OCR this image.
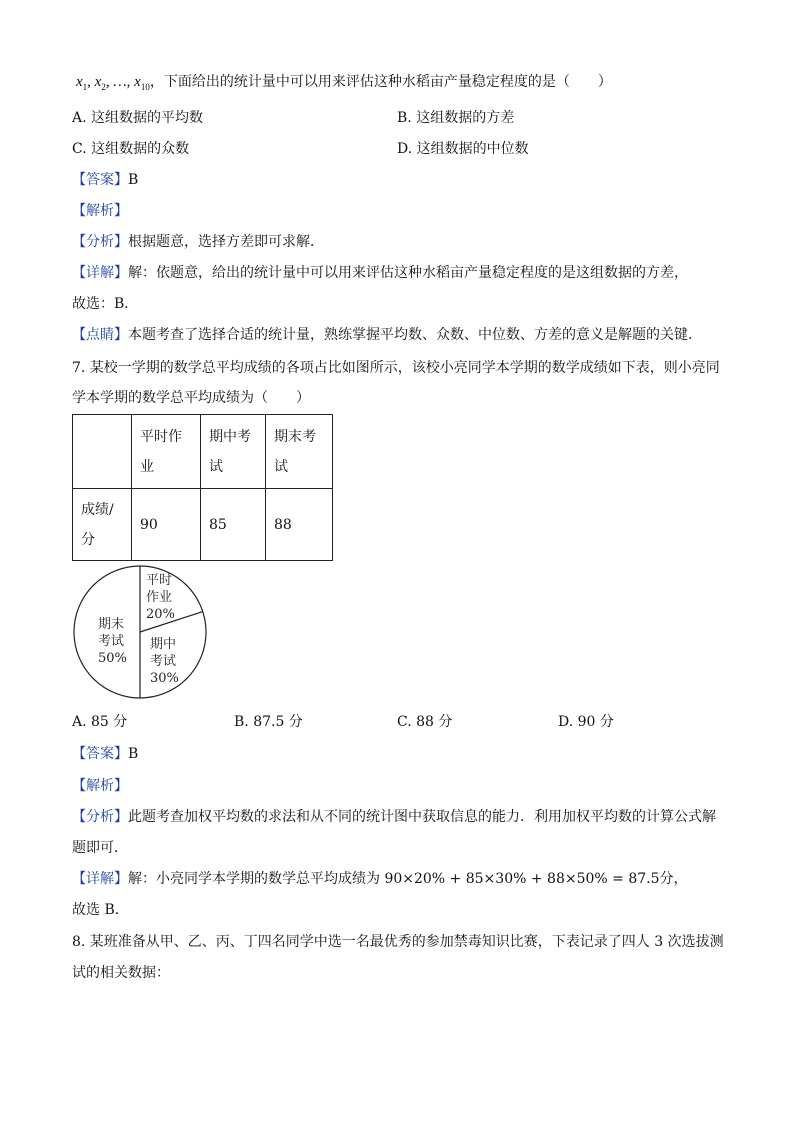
$x_1$, $x_2$, …, $x_{10}$，下面给出的统计量中可以用来评估这种水稻亩产量稳定程度的是（　　）
A. 这组数据的平均数	B. 这组数据的方差
C. 这组数据的众数	D. 这组数据的中位数
【答案】B
【解析】
【分析】根据题意，选择方差即可求解．
【详解】解：依题意，给出的统计量中可以用来评估这种水稻亩产量稳定程度的是这组数据的方差，
故选：B．
【点睛】本题考查了选择合适的统计量，熟练掌握平均数、众数、中位数、方差的意义是解题的关键．
7. 某校一学期的数学总平均成绩的各项占比如图所示，该校小亮同学本学期的数学成绩如下表，则小亮同
学本学期的数学总平均成绩为（　　）
	平时作业	期中考试	期末考试
成绩/分	90	85	88
平时
作业
20%
期中
考试
30%
期末
考试
50%
A. 85 分	B. 87.5 分	C. 88 分	D. 90 分
【答案】B
【解析】
【分析】此题考查加权平均数的求法和从不同的统计图中获取信息的能力．利用加权平均数的计算公式解
题即可．
【详解】解：小亮同学本学期的数学总平均成绩为 90×20% + 85×30% + 88×50% = 87.5分，
故选 B．
8. 某班准备从甲、乙、丙、丁四名同学中选一名最优秀的参加禁毒知识比赛，下表记录了四人 3 次选拔测
试的相关数据：
